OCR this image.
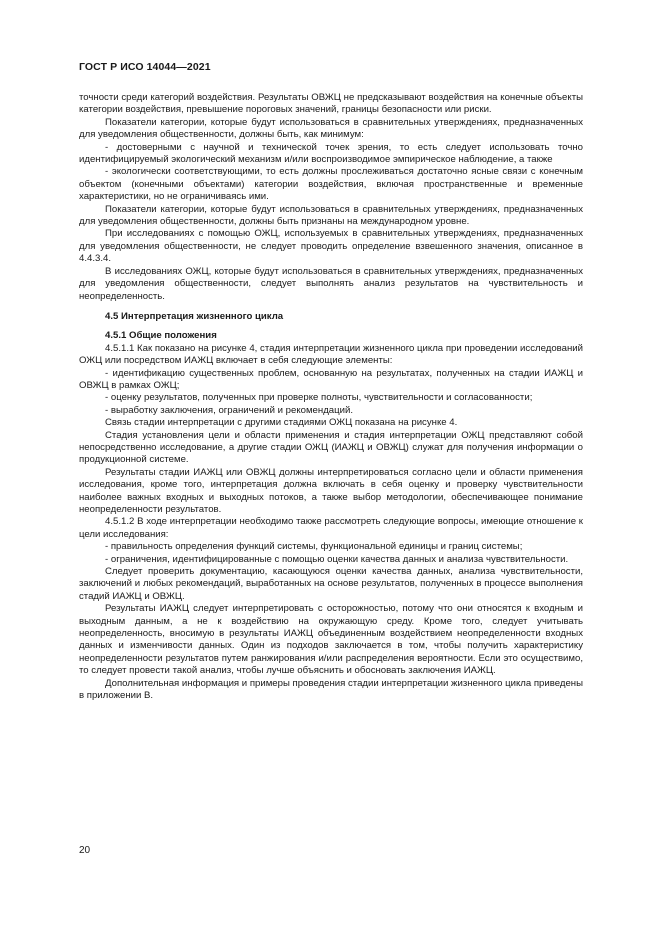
ГОСТ Р ИСО 14044—2021

точности среди категорий воздействия. Результаты ОВЖЦ не предсказывают воздействия на конечные объекты категории воздействия, превышение пороговых значений, границы безопасности или риски.

Показатели категории, которые будут использоваться в сравнительных утверждениях, предназначенных для уведомления общественности, должны быть, как минимум:

- достоверными с научной и технической точек зрения, то есть следует использовать точно идентифицируемый экологический механизм и/или воспроизводимое эмпирическое наблюдение, а также

- экологически соответствующими, то есть должны прослеживаться достаточно ясные связи с конечным объектом (конечными объектами) категории воздействия, включая пространственные и временные характеристики, но не ограничиваясь ими.

Показатели категории, которые будут использоваться в сравнительных утверждениях, предназначенных для уведомления общественности, должны быть признаны на международном уровне.

При исследованиях с помощью ОЖЦ, используемых в сравнительных утверждениях, предназначенных для уведомления общественности, не следует проводить определение взвешенного значения, описанное в 4.4.3.4.

В исследованиях ОЖЦ, которые будут использоваться в сравнительных утверждениях, предназначенных для уведомления общественности, следует выполнять анализ результатов на чувствительность и неопределенность.

4.5 Интерпретация жизненного цикла
4.5.1 Общие положения

4.5.1.1 Как показано на рисунке 4, стадия интерпретации жизненного цикла при проведении исследований ОЖЦ или посредством ИАЖЦ включает в себя следующие элементы:

- идентификацию существенных проблем, основанную на результатах, полученных на стадии ИАЖЦ и ОВЖЦ в рамках ОЖЦ;

- оценку результатов, полученных при проверке полноты, чувствительности и согласованности;

- выработку заключения, ограничений и рекомендаций.

Связь стадии интерпретации с другими стадиями ОЖЦ показана на рисунке 4.

Стадия установления цели и области применения и стадия интерпретации ОЖЦ представляют собой непосредственно исследование, а другие стадии ОЖЦ (ИАЖЦ и ОВЖЦ) служат для получения информации о продукционной системе.

Результаты стадии ИАЖЦ или ОВЖЦ должны интерпретироваться согласно цели и области применения исследования, кроме того, интерпретация должна включать в себя оценку и проверку чувствительности наиболее важных входных и выходных потоков, а также выбор методологии, обеспечивающее понимание неопределенности результатов.

4.5.1.2 В ходе интерпретации необходимо также рассмотреть следующие вопросы, имеющие отношение к цели исследования:

- правильность определения функций системы, функциональной единицы и границ системы;

- ограничения, идентифицированные с помощью оценки качества данных и анализа чувствительности.

Следует проверить документацию, касающуюся оценки качества данных, анализа чувствительности, заключений и любых рекомендаций, выработанных на основе результатов, полученных в процессе выполнения стадий ИАЖЦ и ОВЖЦ.

Результаты ИАЖЦ следует интерпретировать с осторожностью, потому что они относятся к входным и выходным данным, а не к воздействию на окружающую среду. Кроме того, следует учитывать неопределенность, вносимую в результаты ИАЖЦ объединенным воздействием неопределенности входных данных и изменчивости данных. Один из подходов заключается в том, чтобы получить характеристику неопределенности результатов путем ранжирования и/или распределения вероятности. Если это осуществимо, то следует провести такой анализ, чтобы лучше объяснить и обосновать заключения ИАЖЦ.

Дополнительная информация и примеры проведения стадии интерпретации жизненного цикла приведены в приложении В.

20
